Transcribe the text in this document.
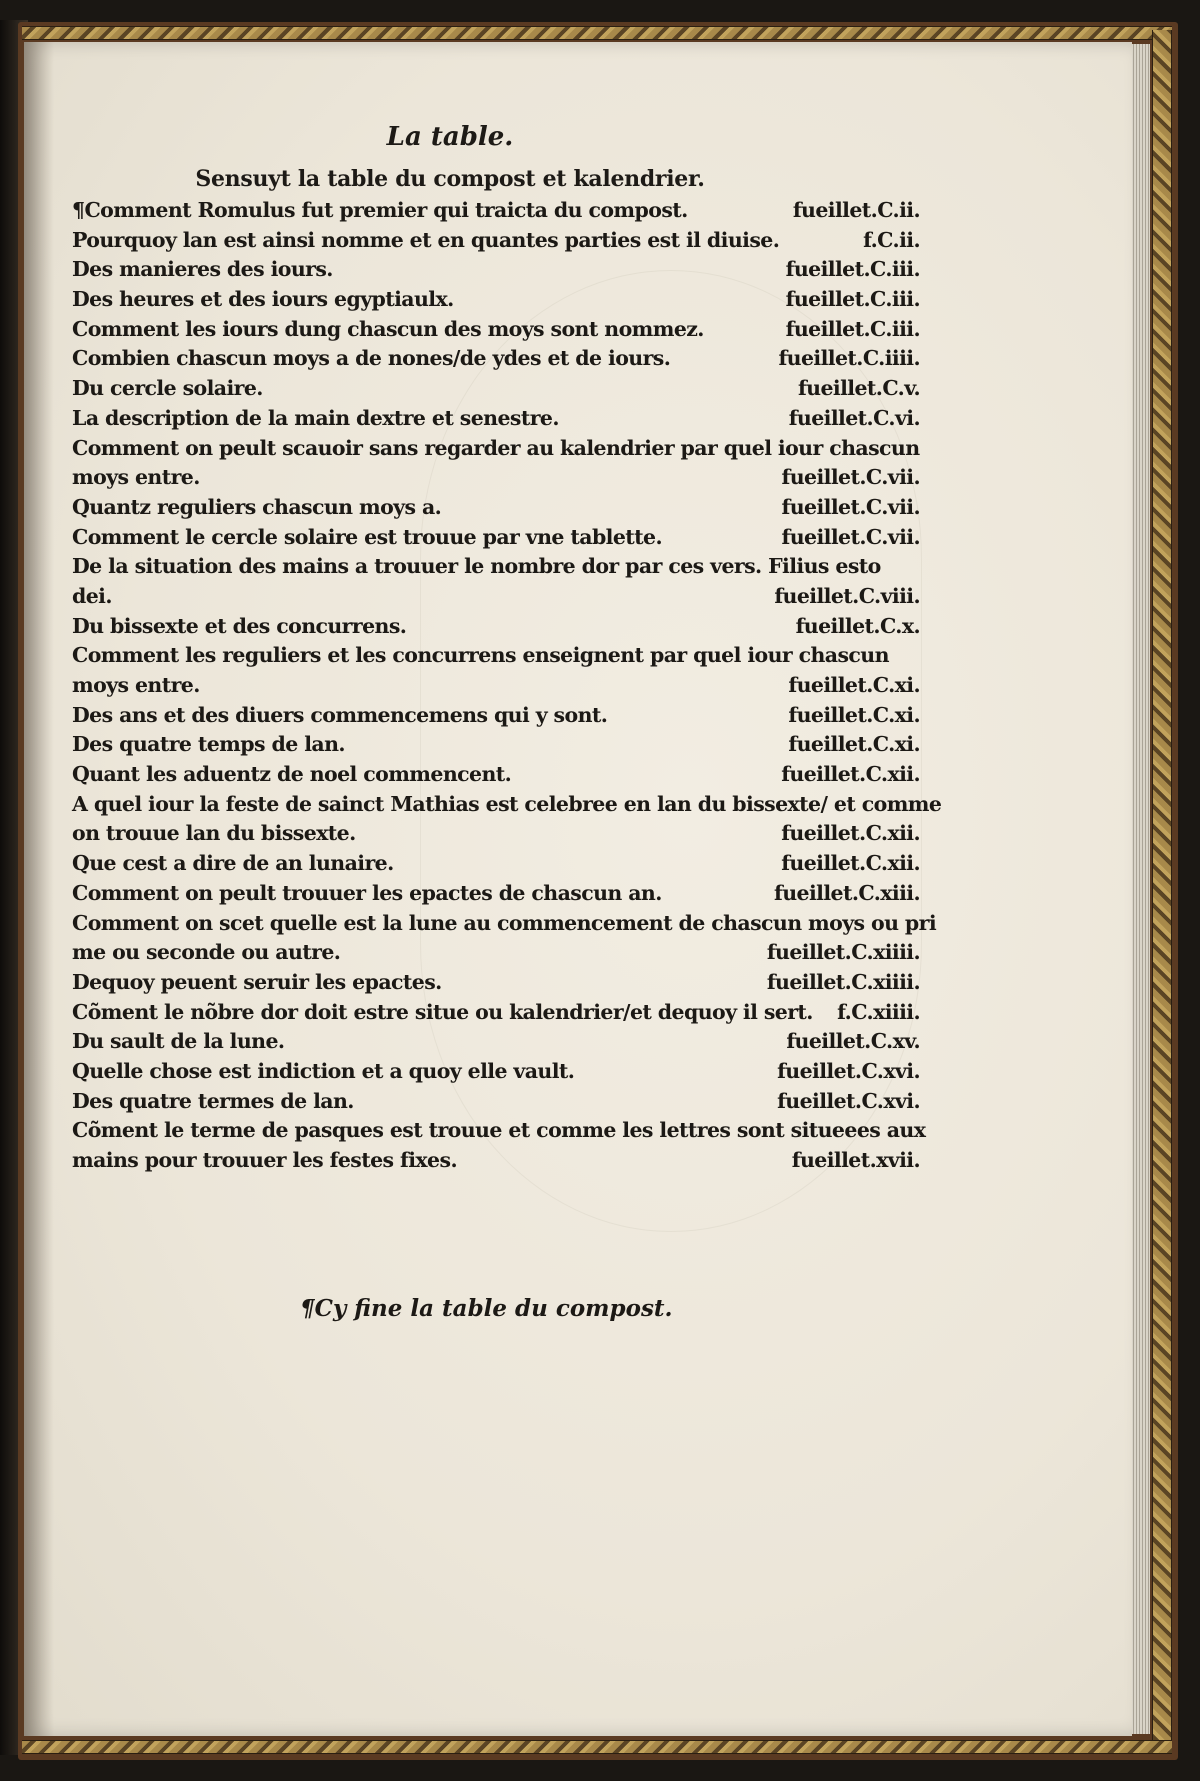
La table.
Sensuyt la table du compost et kalendrier.
¶Comment Romulus fut premier qui traicta du compost.	fueillet.C.ii.
Pourquoy lan est ainsi nomme et en quantes parties est il diuise.	f.C.ii.
Des manieres des iours.	fueillet.C.iii.
Des heures et des iours egyptiaulx.	fueillet.C.iii.
Comment les iours dung chascun des moys sont nommez.	fueillet.C.iii.
Combien chascun moys a de nones/de ydes et de iours.	fueillet.C.iiii.
Du cercle solaire.	fueillet.C.v.
La description de la main dextre et senestre.	fueillet.C.vi.
Comment on peult scauoir sans regarder au kalendrier par quel iour chascun
moys entre.	fueillet.C.vii.
Quantz reguliers chascun moys a.	fueillet.C.vii.
Comment le cercle solaire est trouue par vne tablette.	fueillet.C.vii.
De la situation des mains a trouuer le nombre dor par ces vers. Filius esto
dei.	fueillet.C.viii.
Du bissexte et des concurrens.	fueillet.C.x.
Comment les reguliers et les concurrens enseignent par quel iour chascun
moys entre.	fueillet.C.xi.
Des ans et des diuers commencemens qui y sont.	fueillet.C.xi.
Des quatre temps de lan.	fueillet.C.xi.
Quant les aduentz de noel commencent.	fueillet.C.xii.
A quel iour la feste de sainct Mathias est celebree en lan du bissexte/ et comme
on trouue lan du bissexte.	fueillet.C.xii.
Que cest a dire de an lunaire.	fueillet.C.xii.
Comment on peult trouuer les epactes de chascun an.	fueillet.C.xiii.
Comment on scet quelle est la lune au commencement de chascun moys ou pri
me ou seconde ou autre.	fueillet.C.xiiii.
Dequoy peuent seruir les epactes.	fueillet.C.xiiii.
Cõment le nõbre dor doit estre situe ou kalendrier/et dequoy il sert. f.C.xiiii.
Du sault de la lune.	fueillet.C.xv.
Quelle chose est indiction et a quoy elle vault.	fueillet.C.xvi.
Des quatre termes de lan.	fueillet.C.xvi.
Cõment le terme de pasques est trouue et comme les lettres sont situeees aux
mains pour trouuer les festes fixes.	fueillet.xvii.
¶Cy fine la table du compost.
